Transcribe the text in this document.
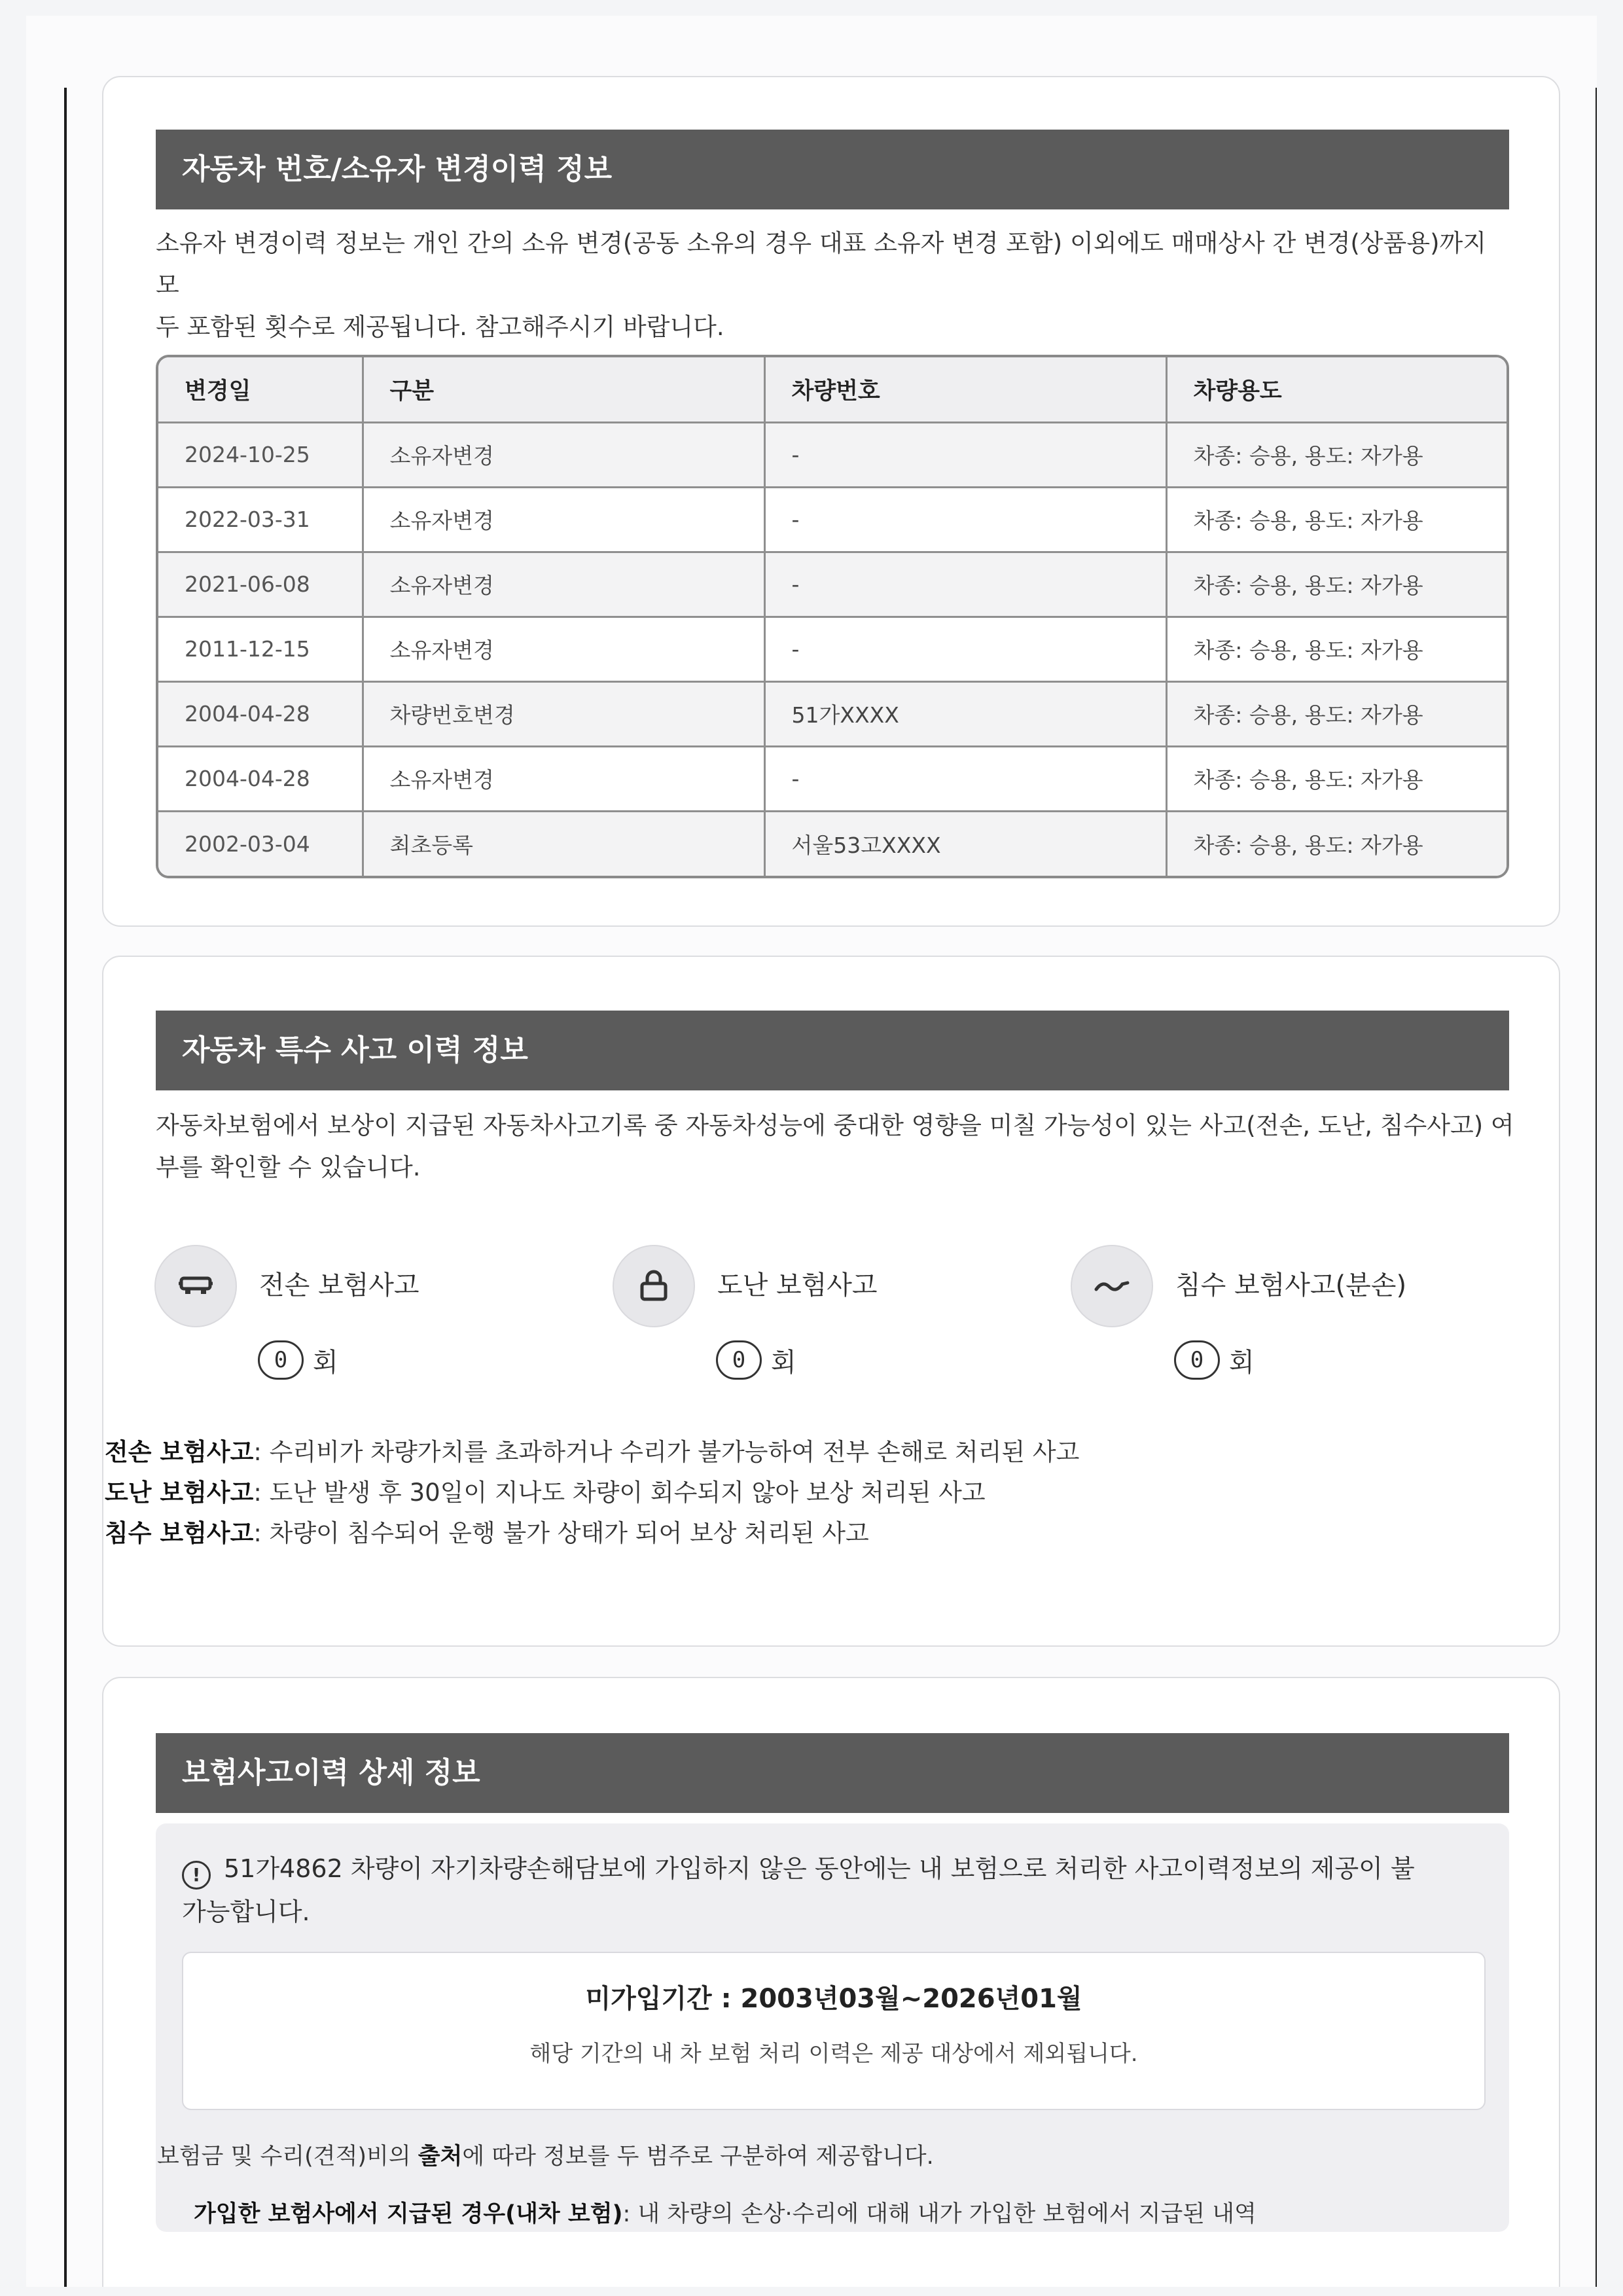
자동차 번호/소유자 변경이력 정보
소유자 변경이력 정보는 개인 간의 소유 변경(공동 소유의 경우 대표 소유자 변경 포함) 이외에도 매매상사 간 변경(상품용)까지 모
두 포함된 횟수로 제공됩니다. 참고해주시기 바랍니다.
변경일	구분	차량번호	차량용도
2024-10-25	소유자변경	-	차종: 승용, 용도: 자가용
2022-03-31	소유자변경	-	차종: 승용, 용도: 자가용
2021-06-08	소유자변경	-	차종: 승용, 용도: 자가용
2011-12-15	소유자변경	-	차종: 승용, 용도: 자가용
2004-04-28	차량번호변경	51가XXXX	차종: 승용, 용도: 자가용
2004-04-28	소유자변경	-	차종: 승용, 용도: 자가용
2002-03-04	최초등록	서울53고XXXX	차종: 승용, 용도: 자가용
자동차 특수 사고 이력 정보
자동차보험에서 보상이 지급된 자동차사고기록 중 자동차성능에 중대한 영향을 미칠 가능성이 있는 사고(전손, 도난, 침수사고) 여
부를 확인할 수 있습니다.
전손 보험사고
0 회
도난 보험사고
0 회
침수 보험사고(분손)
0 회
전손 보험사고: 수리비가 차량가치를 초과하거나 수리가 불가능하여 전부 손해로 처리된 사고
도난 보험사고: 도난 발생 후 30일이 지나도 차량이 회수되지 않아 보상 처리된 사고
침수 보험사고: 차량이 침수되어 운행 불가 상태가 되어 보상 처리된 사고
보험사고이력 상세 정보
! 51가4862 차량이 자기차량손해담보에 가입하지 않은 동안에는 내 보험으로 처리한 사고이력정보의 제공이 불
가능합니다.
미가입기간 : 2003년03월~2026년01월
해당 기간의 내 차 보험 처리 이력은 제공 대상에서 제외됩니다.
보험금 및 수리(견적)비의 출처에 따라 정보를 두 범주로 구분하여 제공합니다.
가입한 보험사에서 지급된 경우(내차 보험): 내 차량의 손상·수리에 대해 내가 가입한 보험에서 지급된 내역
